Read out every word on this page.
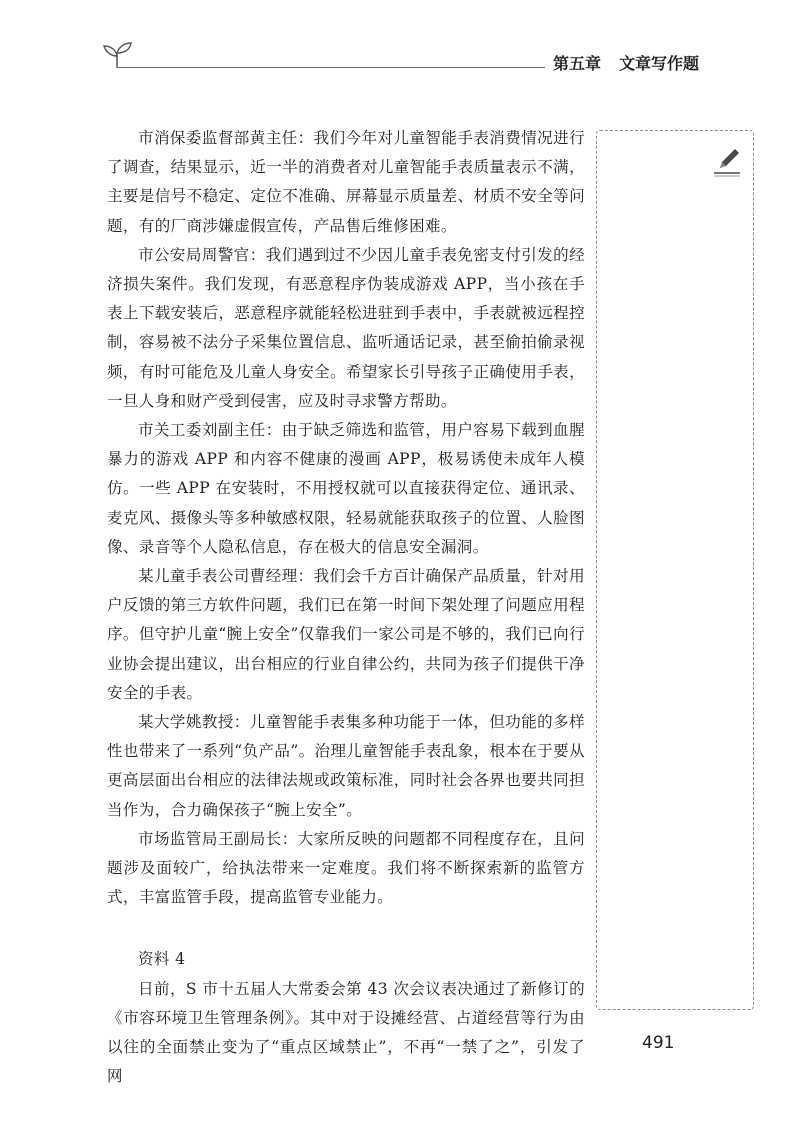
第五章 文章写作题

市消保委监督部黄主任：我们今年对儿童智能手表消费情况进行了调查，结果显示，近一半的消费者对儿童智能手表质量表示不满，主要是信号不稳定、定位不准确、屏幕显示质量差、材质不安全等问题，有的厂商涉嫌虚假宣传，产品售后维修困难。

市公安局周警官：我们遇到过不少因儿童手表免密支付引发的经济损失案件。我们发现，有恶意程序伪装成游戏 APP，当小孩在手表上下载安装后，恶意程序就能轻松进驻到手表中，手表就被远程控制，容易被不法分子采集位置信息、监听通话记录，甚至偷拍偷录视频，有时可能危及儿童人身安全。希望家长引导孩子正确使用手表，一旦人身和财产受到侵害，应及时寻求警方帮助。

市关工委刘副主任：由于缺乏筛选和监管，用户容易下载到血腥暴力的游戏 APP 和内容不健康的漫画 APP，极易诱使未成年人模仿。一些 APP 在安装时，不用授权就可以直接获得定位、通讯录、麦克风、摄像头等多种敏感权限，轻易就能获取孩子的位置、人脸图像、录音等个人隐私信息，存在极大的信息安全漏洞。

某儿童手表公司曹经理：我们会千方百计确保产品质量，针对用户反馈的第三方软件问题，我们已在第一时间下架处理了问题应用程序。但守护儿童“腕上安全”仅靠我们一家公司是不够的，我们已向行业协会提出建议，出台相应的行业自律公约，共同为孩子们提供干净安全的手表。

某大学姚教授：儿童智能手表集多种功能于一体，但功能的多样性也带来了一系列“负产品”。治理儿童智能手表乱象，根本在于要从更高层面出台相应的法律法规或政策标准，同时社会各界也要共同担当作为，合力确保孩子“腕上安全”。

市场监管局王副局长：大家所反映的问题都不同程度存在，且问题涉及面较广，给执法带来一定难度。我们将不断探索新的监管方式，丰富监管手段，提高监管专业能力。

资料 4

日前，S 市十五届人大常委会第 43 次会议表决通过了新修订的《市容环境卫生管理条例》。其中对于设摊经营、占道经营等行为由以往的全面禁止变为了“重点区域禁止”，不再“一禁了之”，引发了网

491
